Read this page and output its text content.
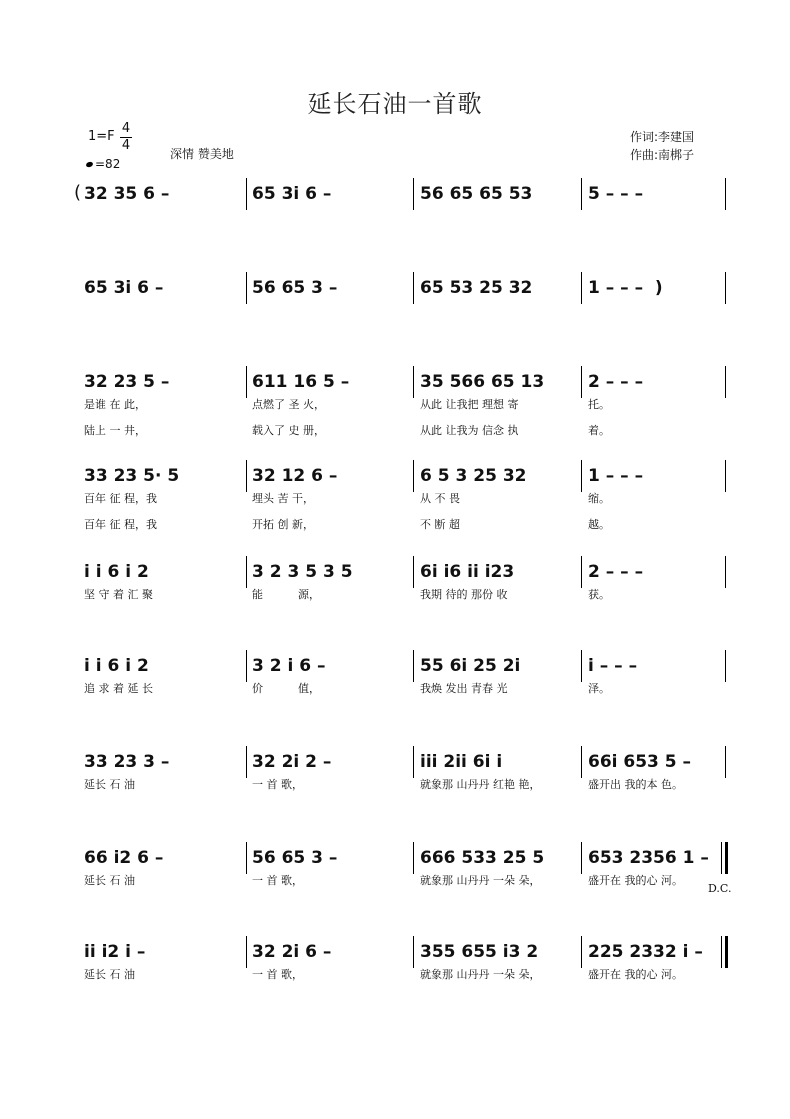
延长石油一首歌
1=F
4
4
=82
深情 赞美地
作词:李建国
作曲:南梆子
( 32 35 6 –	65 3i 6 –	56 65 65 53	5 – – –
65 3i 6 –	56 65 3 –	65 53 25 32	1 – – –  )
32 23 5 –	611 16 5 –	35 566 65 13	2 – – –
是谁 在 此，	点燃了 圣 火，	从此 让我把 理想 寄	托。
陆上 一 井，	载入了 史 册，	从此 让我为 信念 执	着。
33 23 5· 5	32 12 6 –	6 5 3 25 32	1 – – –
百年 征 程，我	埋头 苦 干，	从 不 畏	缩。
百年 征 程，我	开拓 创 新，	不 断 超	越。
i i 6 i 2	3 2 3 5 3 5	6i i6 ii i23	2 – – –
坚 守 着 汇 聚	能          源，	我期 待的 那份 收	获。
i i 6 i 2	3 2 i 6 –	55 6i 25 2i	i – – –
追 求 着 延 长	价          值，	我焕 发出 青春 光	泽。
33 23 3 –	32 2i 2 –	iii 2ii 6i i	66i 653 5 –
延长 石 油	一 首 歌，	就象那 山丹丹 红艳 艳，	盛开出 我的本 色。
66 i2 6 –	56 65 3 –	666 533 25 5	653 2356 1 –
延长 石 油	一 首 歌，	就象那 山丹丹 一朵 朵，	盛开在 我的心 河。
D.C.
ii i2 i –	32 2i 6 –	355 655 i3 2	225 2332 i –
延长 石 油	一 首 歌，	就象那 山丹丹 一朵 朵，	盛开在 我的心 河。
